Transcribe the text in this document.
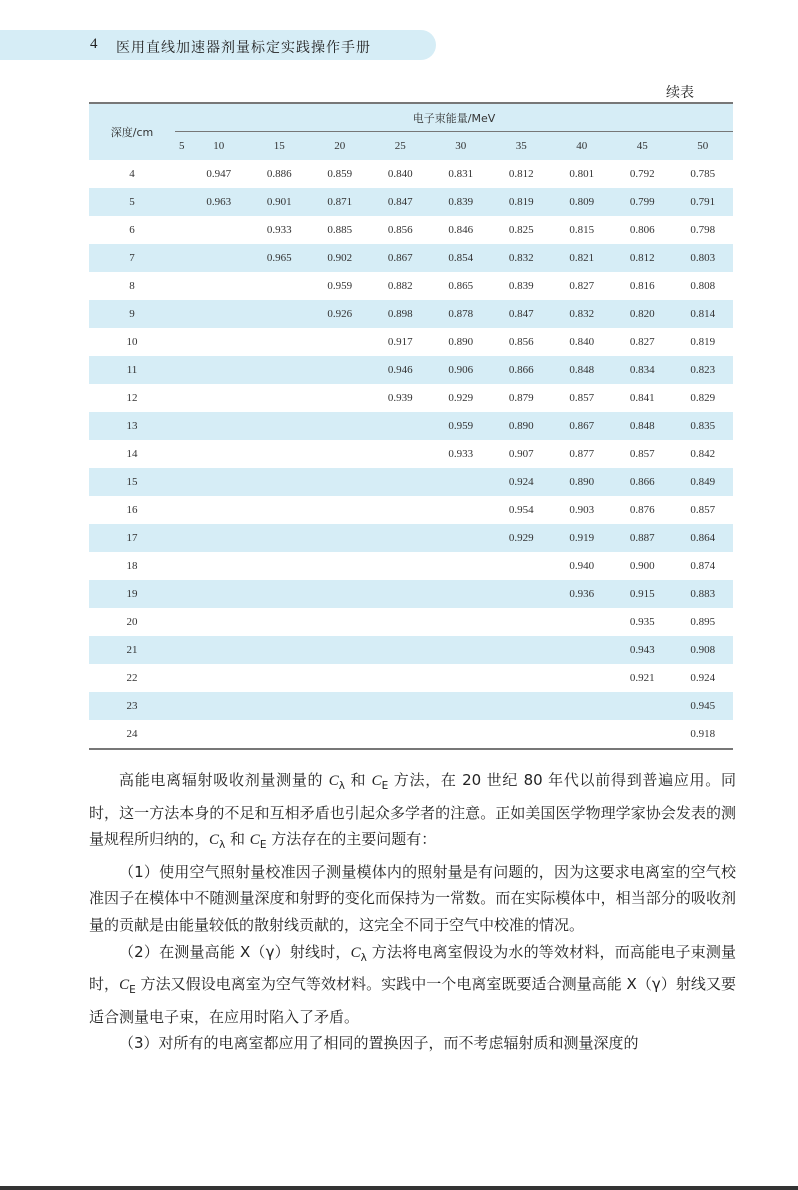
4 医用直线加速器剂量标定实践操作手册
续表
深度/cm	电子束能量/MeV									

	5	10	15	20	25	30	35	40	45	50
4		0.947	0.886	0.859	0.840	0.831	0.812	0.801	0.792	0.785
5		0.963	0.901	0.871	0.847	0.839	0.819	0.809	0.799	0.791
6			0.933	0.885	0.856	0.846	0.825	0.815	0.806	0.798
7			0.965	0.902	0.867	0.854	0.832	0.821	0.812	0.803
8				0.959	0.882	0.865	0.839	0.827	0.816	0.808
9				0.926	0.898	0.878	0.847	0.832	0.820	0.814
10					0.917	0.890	0.856	0.840	0.827	0.819
11					0.946	0.906	0.866	0.848	0.834	0.823
12					0.939	0.929	0.879	0.857	0.841	0.829
13						0.959	0.890	0.867	0.848	0.835
14						0.933	0.907	0.877	0.857	0.842
15							0.924	0.890	0.866	0.849
16							0.954	0.903	0.876	0.857
17							0.929	0.919	0.887	0.864
18								0.940	0.900	0.874
19								0.936	0.915	0.883
20									0.935	0.895
21									0.943	0.908
22									0.921	0.924
23										0.945
24										0.918

高能电离辐射吸收剂量测量的 $C_\lambda$ 和 $C_E$ 方法，在 20 世纪 80 年代以前得到普遍应用。同时，这一方法本身的不足和互相矛盾也引起众多学者的注意。正如美国医学物理学家协会发表的测量规程所归纳的，$C_\lambda$ 和 $C_E$ 方法存在的主要问题有：

（1）使用空气照射量校准因子测量模体内的照射量是有问题的，因为这要求电离室的空气校准因子在模体中不随测量深度和射野的变化而保持为一常数。而在实际模体中，相当部分的吸收剂量的贡献是由能量较低的散射线贡献的，这完全不同于空气中校准的情况。

（2）在测量高能 X（γ）射线时，$C_\lambda$ 方法将电离室假设为水的等效材料，而高能电子束测量时，$C_E$ 方法又假设电离室为空气等效材料。实践中一个电离室既要适合测量高能 X（γ）射线又要适合测量电子束，在应用时陷入了矛盾。

（3）对所有的电离室都应用了相同的置换因子，而不考虑辐射质和测量深度的
